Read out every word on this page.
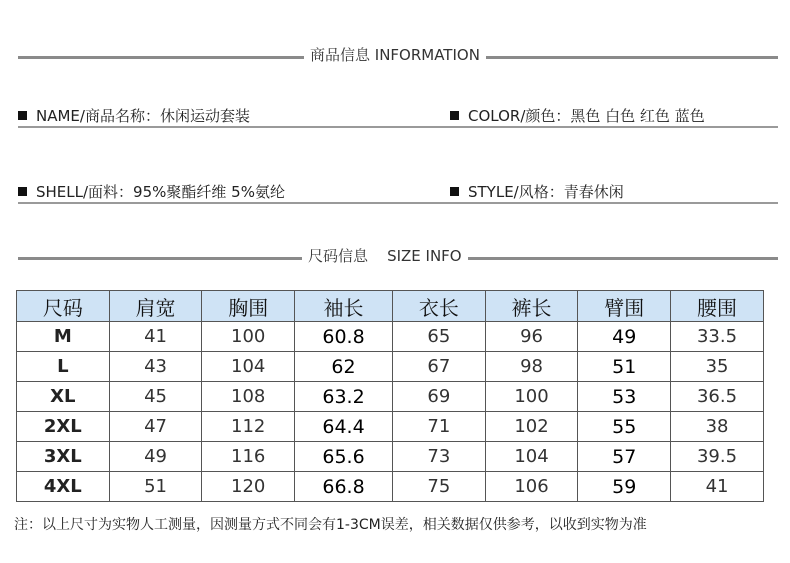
商品信息 INFORMATION
NAME/商品名称：休闲运动套装	COLOR/颜色：黑色 白色 红色 蓝色
SHELL/面料：95%聚酯纤维 5%氨纶	STYLE/风格：青春休闲
尺码信息    SIZE INFO
尺码	肩宽	胸围	袖长	衣长	裤长	臂围	腰围
M	41	100	60.8	65	96	49	33.5
L	43	104	62	67	98	51	35
XL	45	108	63.2	69	100	53	36.5
2XL	47	112	64.4	71	102	55	38
3XL	49	116	65.6	73	104	57	39.5
4XL	51	120	66.8	75	106	59	41
注：以上尺寸为实物人工测量，因测量方式不同会有1-3CM误差，相关数据仅供参考，以收到实物为准
